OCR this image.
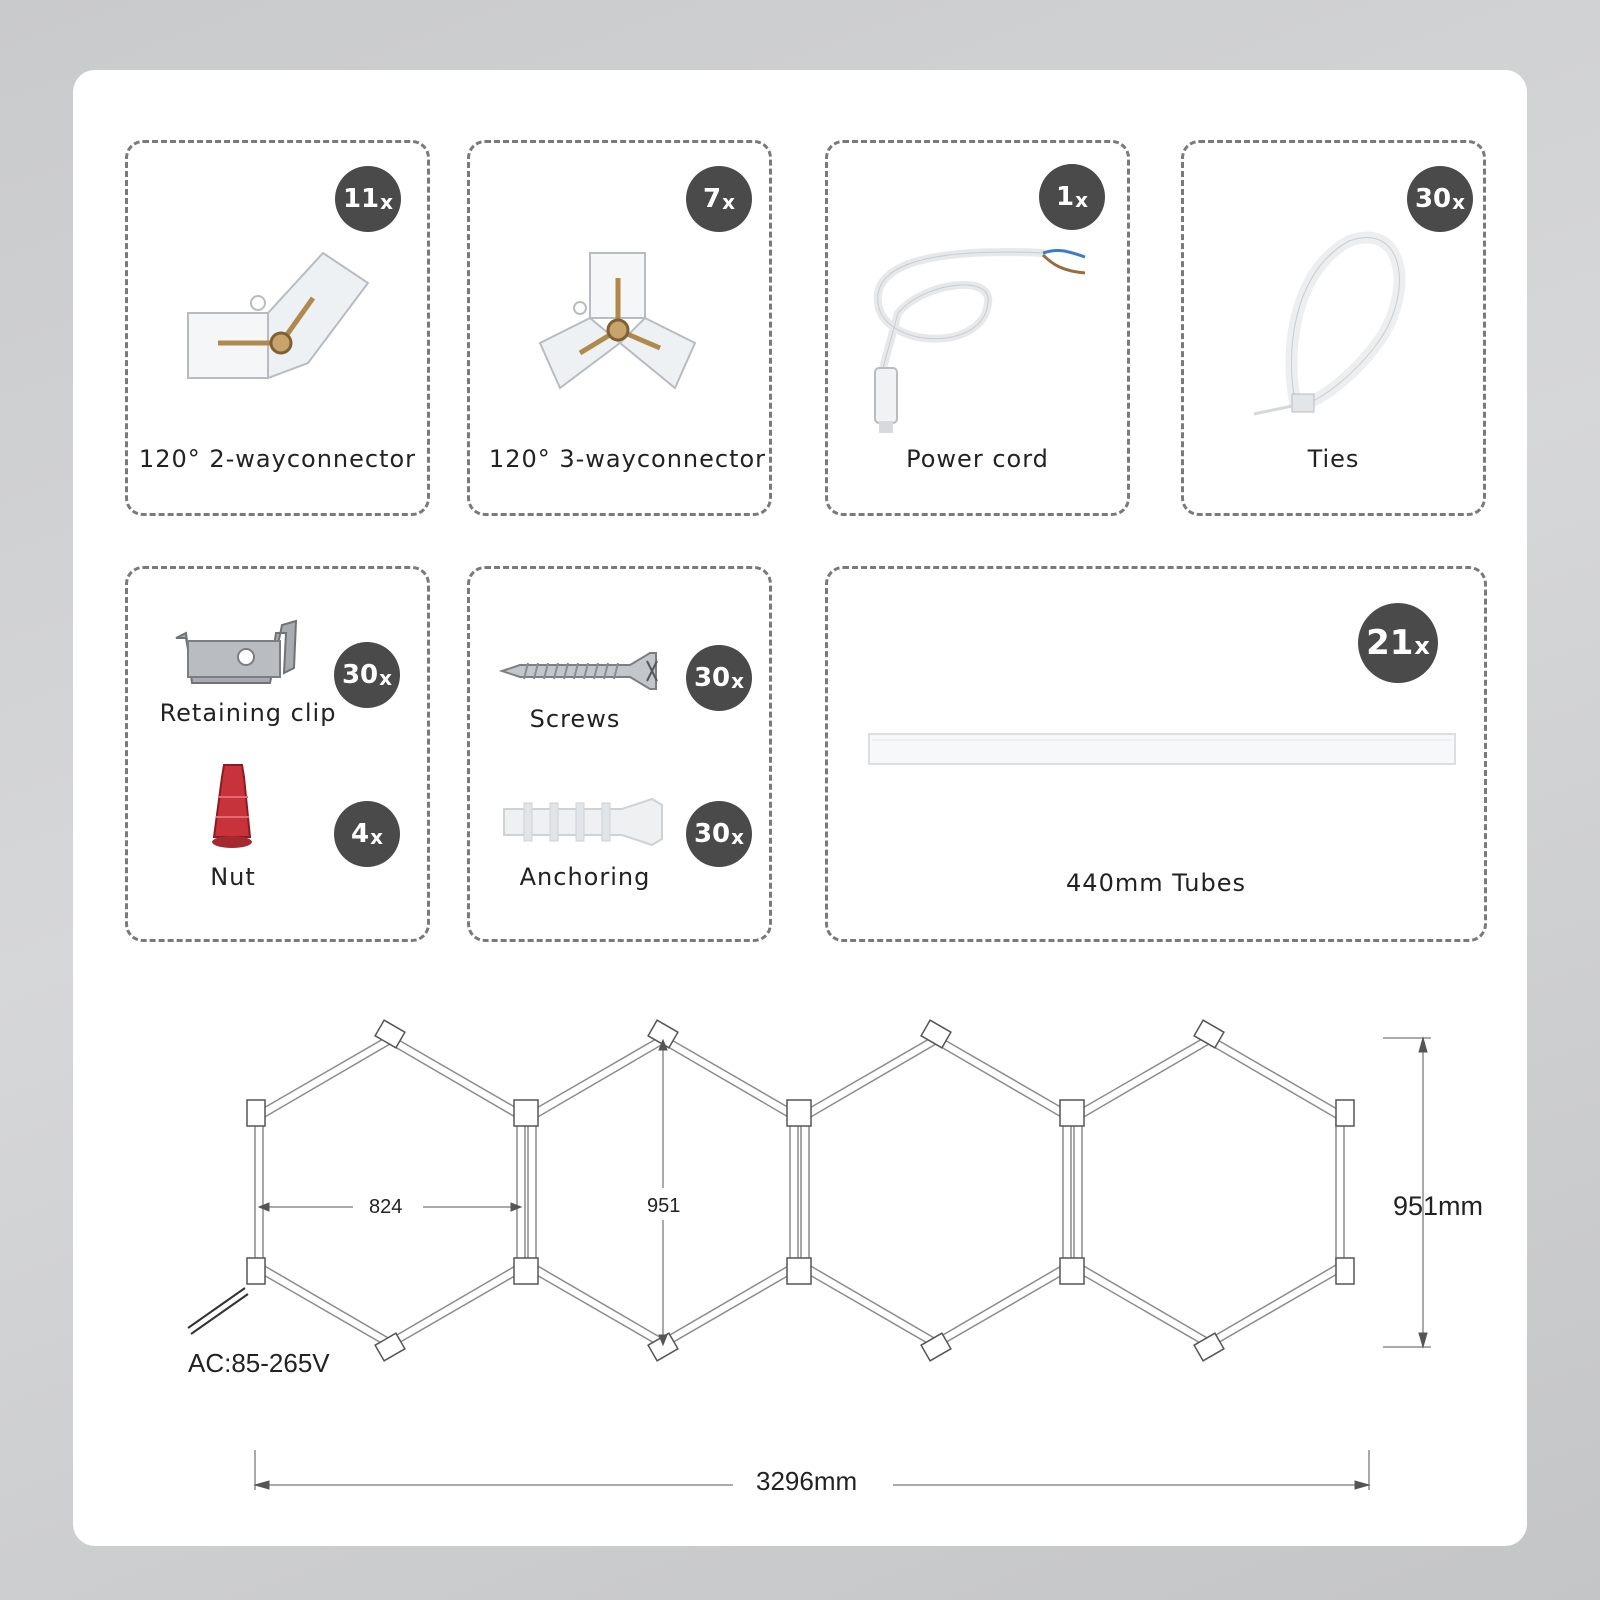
11 x
120° 2-wayconnector
7 x
120° 3-wayconnector
1 x
Power cord
30 x
Ties
30 x
Retaining clip
4 x
Nut
30 x
Screws
30 x
Anchoring
21 x
440mm Tubes
824	951	951mm
3296mm
AC:85-265V
